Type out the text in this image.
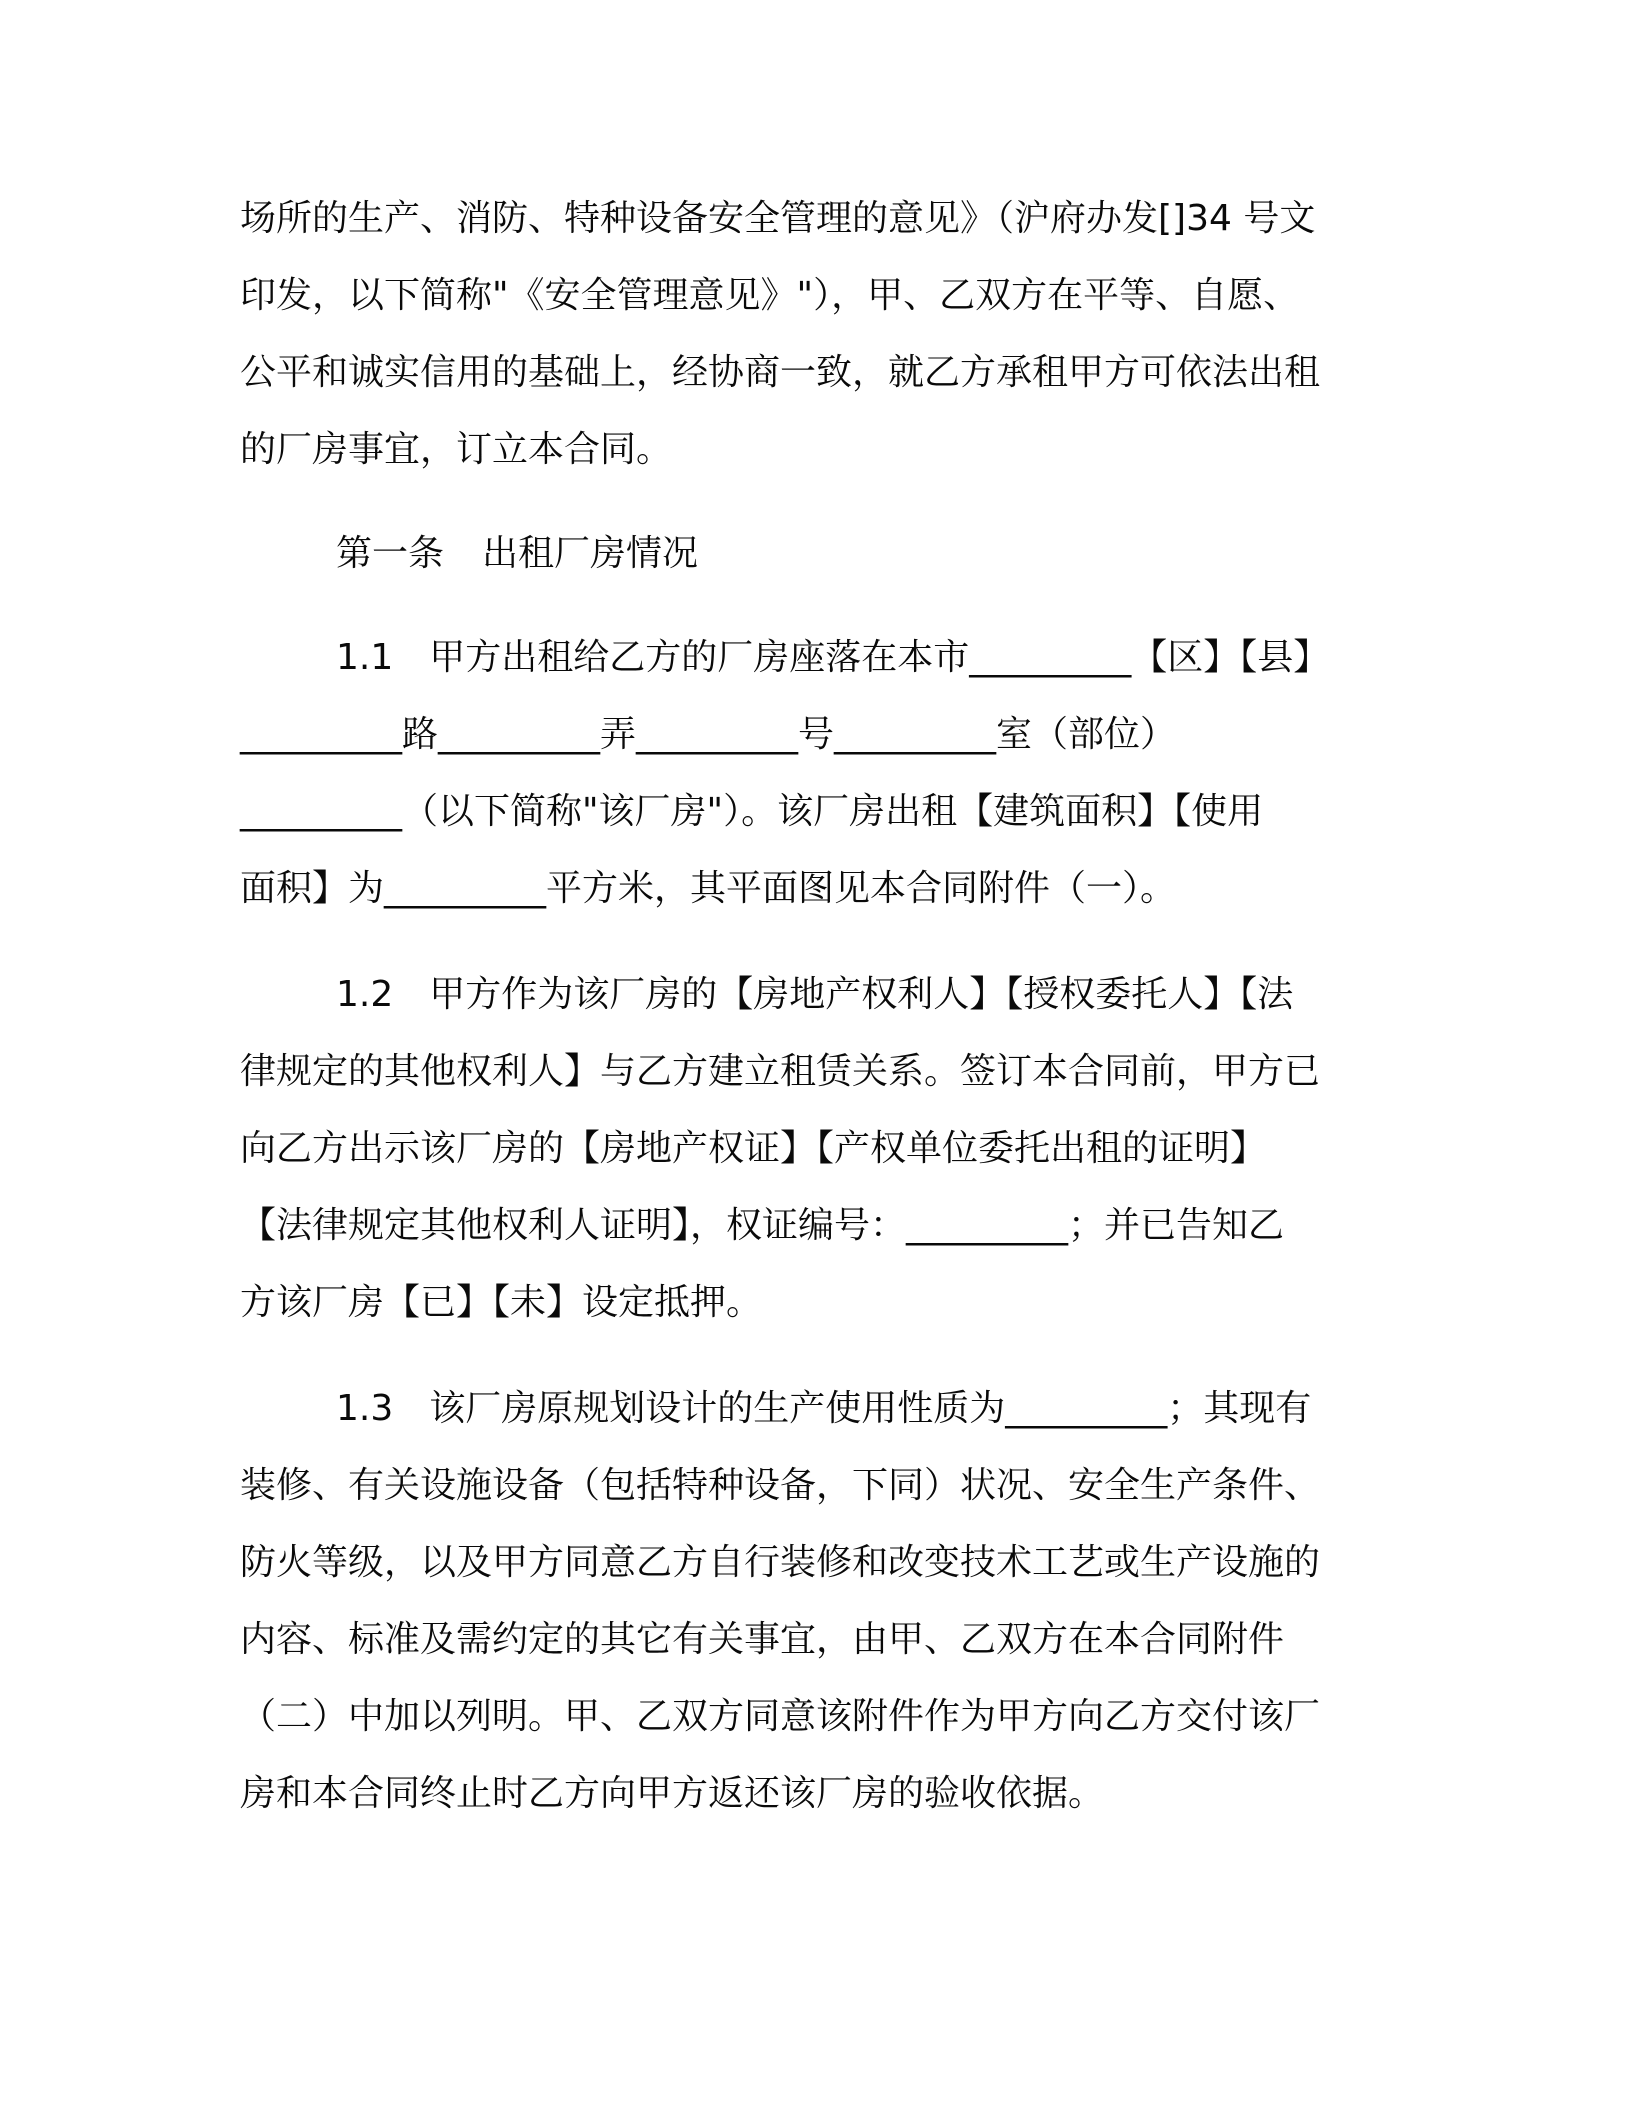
场所的生产、消防、特种设备安全管理的意见》（沪府办发[]34 号文
印发，以下简称"《安全管理意见》"），甲、乙双方在平等、自愿、
公平和诚实信用的基础上，经协商一致，就乙方承租甲方可依法出租
的厂房事宜，订立本合同。
第一条 出租厂房情况
1.1　甲方出租给乙方的厂房座落在本市_________【区】【县】
_________路_________弄_________号_________室（部位）
_________（以下简称"该厂房"）。该厂房出租【建筑面积】【使用
面积】为_________平方米，其平面图见本合同附件（一）。
1.2　甲方作为该厂房的【房地产权利人】【授权委托人】【法
律规定的其他权利人】与乙方建立租赁关系。签订本合同前，甲方已
向乙方出示该厂房的【房地产权证】【产权单位委托出租的证明】
【法律规定其他权利人证明】，权证编号：_________；并已告知乙
方该厂房【已】【未】设定抵押。
1.3　该厂房原规划设计的生产使用性质为_________；其现有
装修、有关设施设备（包括特种设备，下同）状况、安全生产条件、
防火等级，以及甲方同意乙方自行装修和改变技术工艺或生产设施的
内容、标准及需约定的其它有关事宜，由甲、乙双方在本合同附件
（二）中加以列明。甲、乙双方同意该附件作为甲方向乙方交付该厂
房和本合同终止时乙方向甲方返还该厂房的验收依据。
